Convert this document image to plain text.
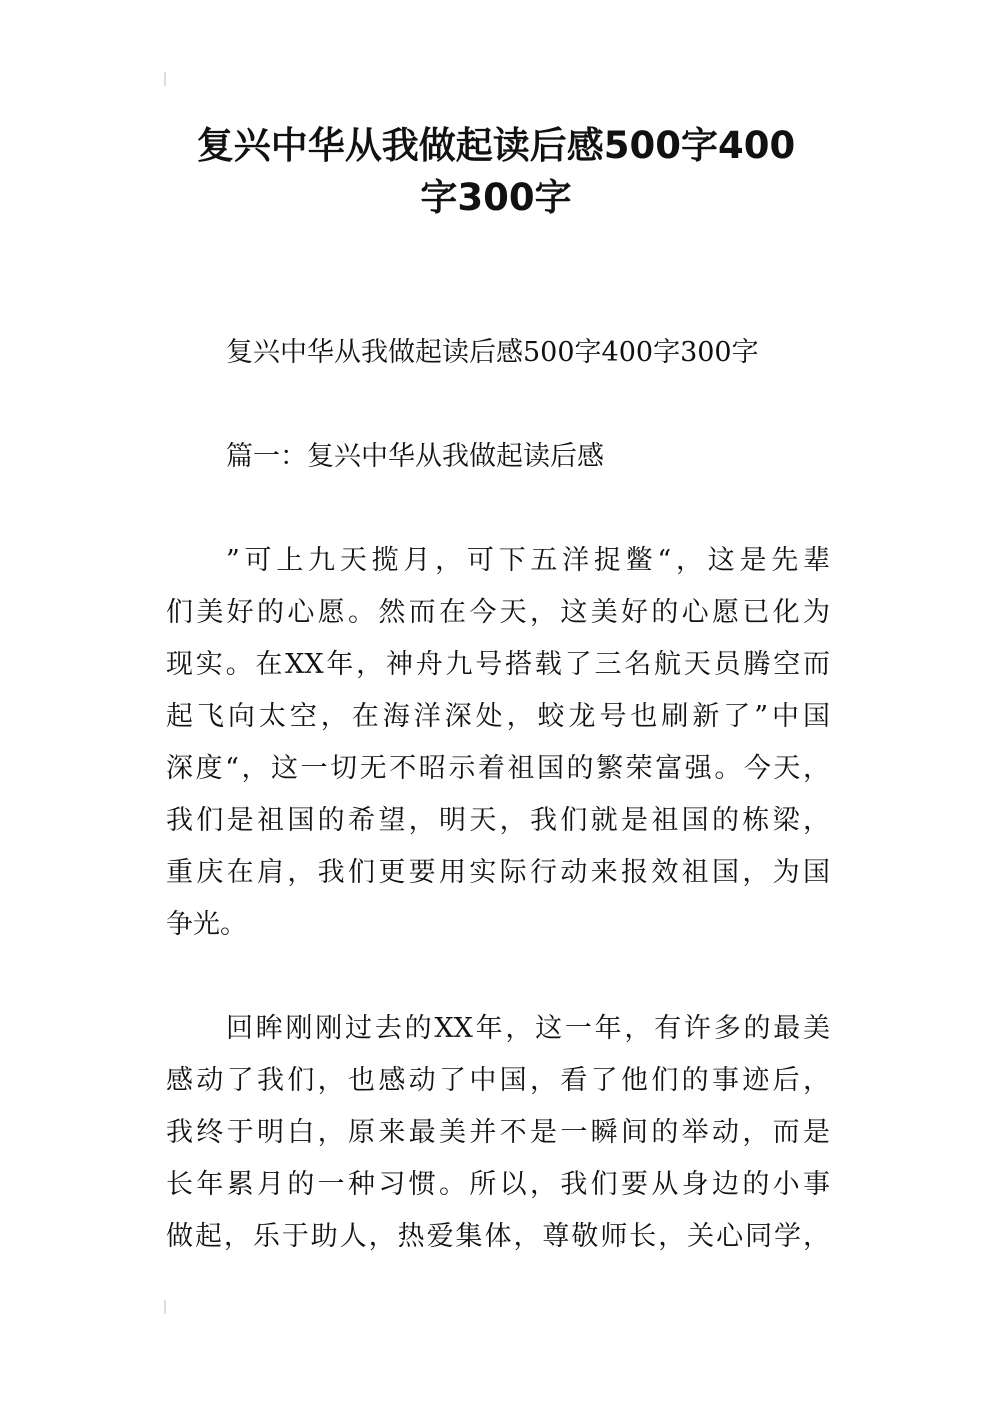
复兴中华从我做起读后感500字400
字300字
复兴中华从我做起读后感500字400字300字
篇一：复兴中华从我做起读后感
”可上九天揽月，可下五洋捉鳖“，这是先辈
们美好的心愿。然而在今天，这美好的心愿已化为
现实。在XX年，神舟九号搭载了三名航天员腾空而
起飞向太空，在海洋深处，蛟龙号也刷新了”中国
深度“，这一切无不昭示着祖国的繁荣富强。今天，
我们是祖国的希望，明天，我们就是祖国的栋梁，
重庆在肩，我们更要用实际行动来报效祖国，为国
争光。
回眸刚刚过去的XX年，这一年，有许多的最美
感动了我们，也感动了中国，看了他们的事迹后，
我终于明白，原来最美并不是一瞬间的举动，而是
长年累月的一种习惯。所以，我们要从身边的小事
做起，乐于助人，热爱集体，尊敬师长，关心同学，
